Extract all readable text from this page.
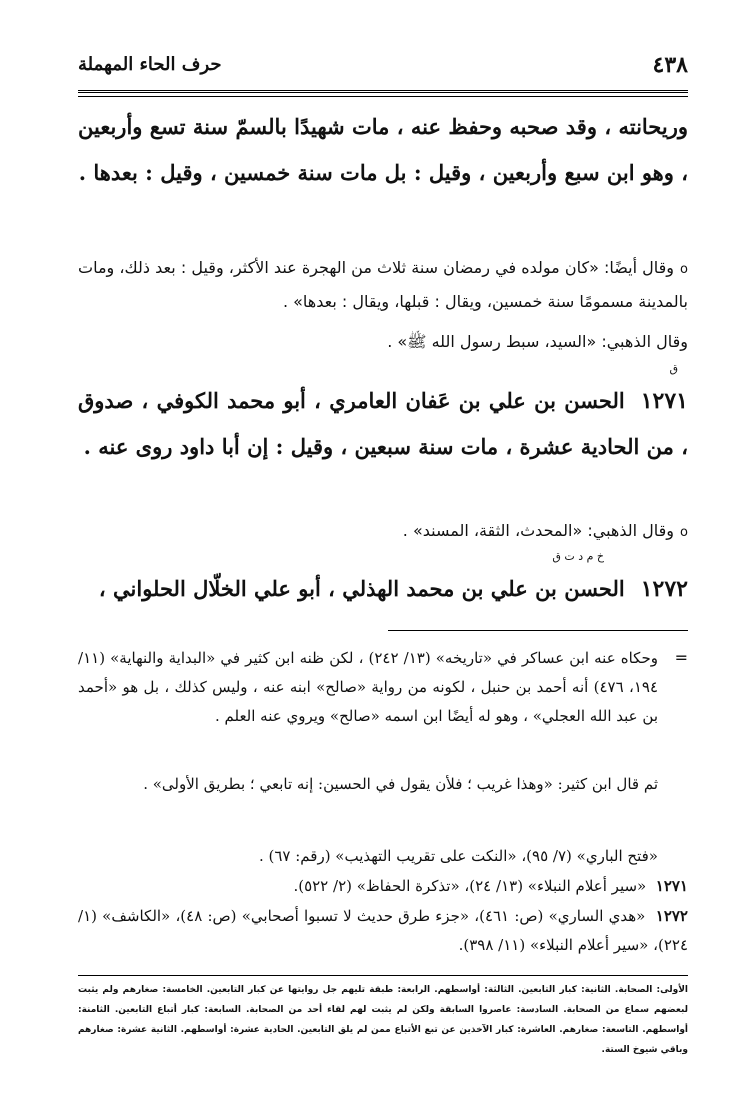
٤٣٨
حرف الحاء المهملة
وريحانته ، وقد صحبه وحفظ عنه ، مات شهيدًا بالسمّ سنة تسع وأربعين ، وهو ابن سبع وأربعين ، وقيل : بل مات سنة خمسين ، وقيل : بعدها .
oوقال أيضًا: «كان مولده في رمضان سنة ثلاث من الهجرة عند الأكثر، وقيل : بعد ذلك، ومات بالمدينة مسمومًا سنة خمسين، ويقال : قبلها، ويقال : بعدها» .
وقال الذهبي: «السيد، سبط رسول الله ﷺ» .
ق
١٢٧١الحسن بن علي بن عَفان العامري ، أبو محمد الكوفي ، صدوق ، من الحادية عشرة ، مات سنة سبعين ، وقيل : إن أبا داود روى عنه .
oوقال الذهبي: «المحدث، الثقة، المسند» .
خ م د ت ق
١٢٧٢الحسن بن علي بن محمد الهذلي ، أبو علي الخلّال الحلواني ،
=
وحكاه عنه ابن عساكر في «تاريخه» (١٣/ ٢٤٢) ، لكن ظنه ابن كثير في «البداية والنهاية» (١١/ ١٩٤، ٤٧٦) أنه أحمد بن حنبل ، لكونه من رواية «صالح» ابنه عنه ، وليس كذلك ، بل هو «أحمد بن عبد الله العجلي» ، وهو له أيضًا ابن اسمه «صالح» ويروي عنه العلم .
ثم قال ابن كثير: «وهذا غريب ؛ فلأن يقول في الحسين: إنه تابعي ؛ بطريق الأولى» .
«فتح الباري» (٧/ ٩٥)، «النكت على تقريب التهذيب» (رقم: ٦٧) .
١٢٧١  «سير أعلام النبلاء» (١٣/ ٢٤)، «تذكرة الحفاظ» (٢/ ٥٢٢).
١٢٧٢  «هدي الساري» (ص: ٤٦١)، «جزء طرق حديث لا تسبوا أصحابي» (ص: ٤٨)، «الكاشف» (١/ ٢٢٤)، «سير أعلام النبلاء» (١١/ ٣٩٨).
الأولى: الصحابة. الثانية: كبار التابعين. الثالثة: أواسطهم. الرابعة: طبقة تليهم جل روايتها عن كبار التابعين. الخامسة: صغارهم ولم يثبت لبعضهم سماع من الصحابة. السادسة: عاصروا السابقة ولكن لم يثبت لهم لقاء أحد من الصحابة. السابعة: كبار أتباع التابعين. الثامنة: أواسطهم. التاسعة: صغارهم. العاشرة: كبار الآخذين عن تبع الأتباع ممن لم يلق التابعين. الحادية عشرة: أواسطهم. الثانية عشرة: صغارهم وباقي شيوخ الستة.
